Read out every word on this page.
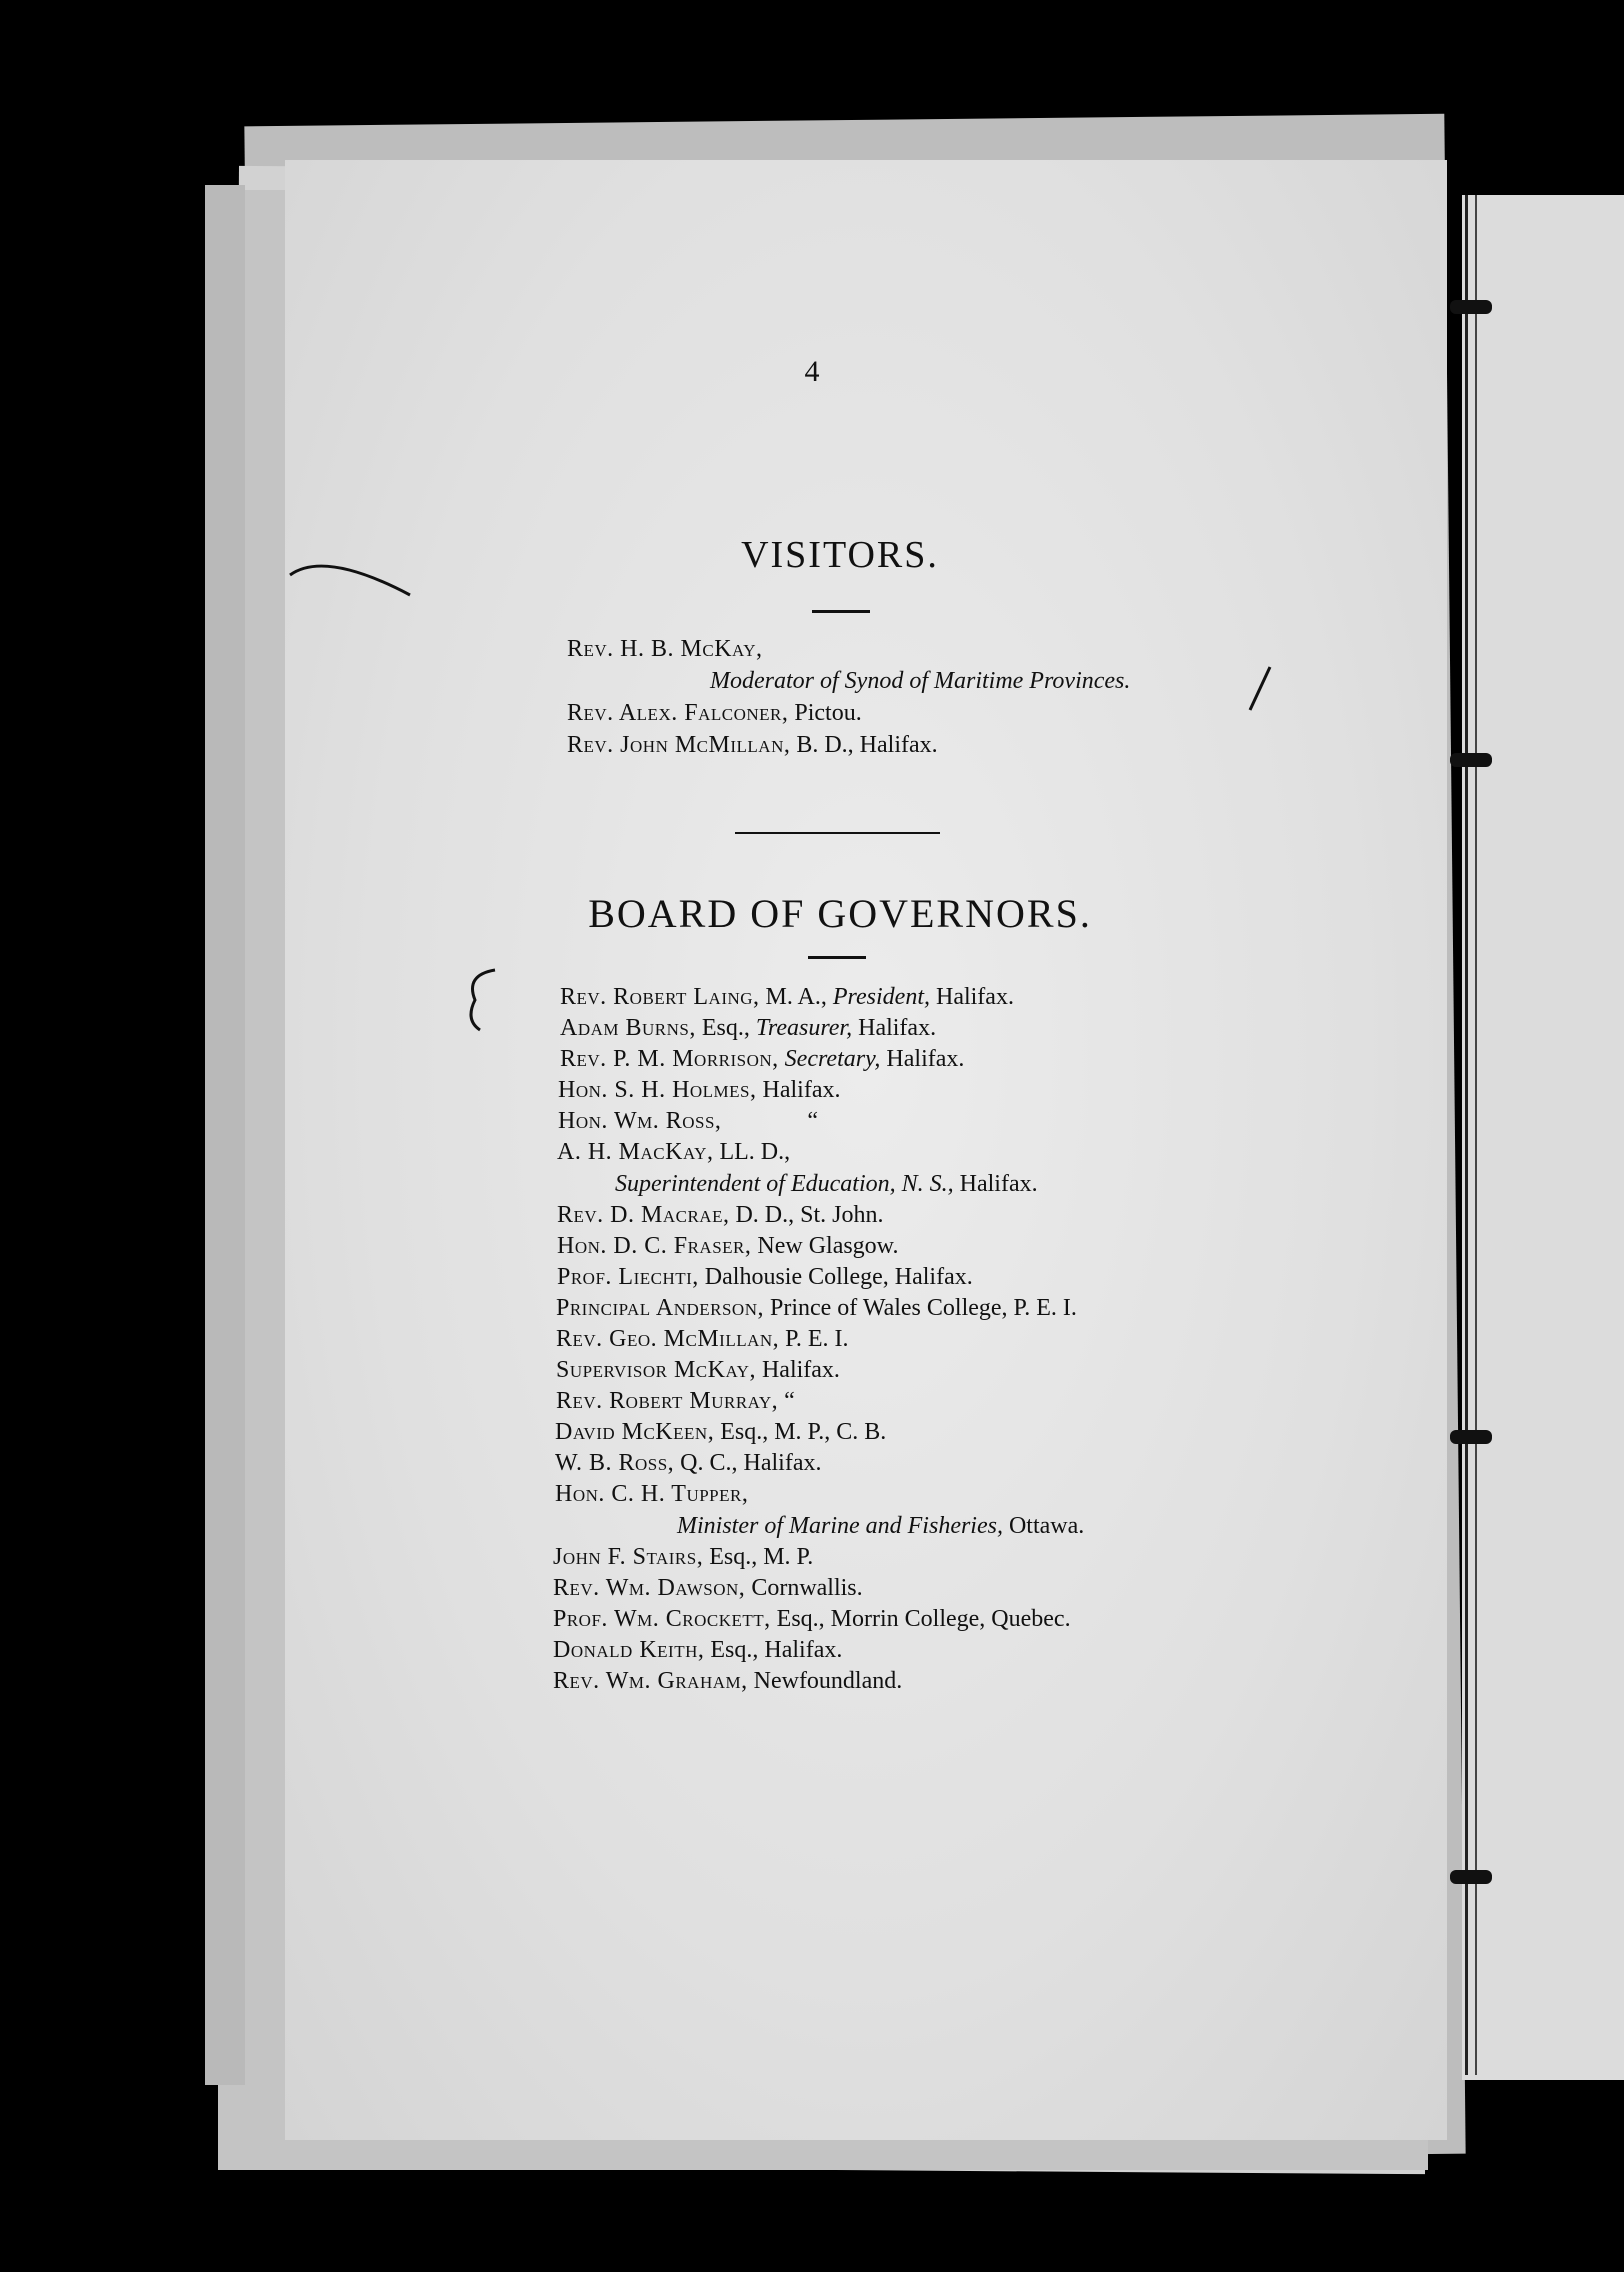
4
VISITORS.
Rev. H. B. McKay,
Moderator of Synod of Maritime Provinces.
Rev. Alex. Falconer, Pictou.
Rev. John McMillan, B. D., Halifax.
BOARD OF GOVERNORS.
Rev. Robert Laing, M. A., President, Halifax.
Adam Burns, Esq., Treasurer, Halifax.
Rev. P. M. Morrison, Secretary, Halifax.
Hon. S. H. Holmes, Halifax.
Hon. Wm. Ross,	“
A. H. MacKay, LL. D.,
Superintendent of Education, N. S., Halifax.
Rev. D. Macrae, D. D., St. John.
Hon. D. C. Fraser, New Glasgow.
Prof. Liechti, Dalhousie College, Halifax.
Principal Anderson, Prince of Wales College, P. E. I.
Rev. Geo. McMillan, P. E. I.
Supervisor McKay, Halifax.
Rev. Robert Murray, “
David McKeen, Esq., M. P., C. B.
W. B. Ross, Q. C., Halifax.
Hon. C. H. Tupper,
Minister of Marine and Fisheries, Ottawa.
John F. Stairs, Esq., M. P.
Rev. Wm. Dawson, Cornwallis.
Prof. Wm. Crockett, Esq., Morrin College, Quebec.
Donald Keith, Esq., Halifax.
Rev. Wm. Graham, Newfoundland.
